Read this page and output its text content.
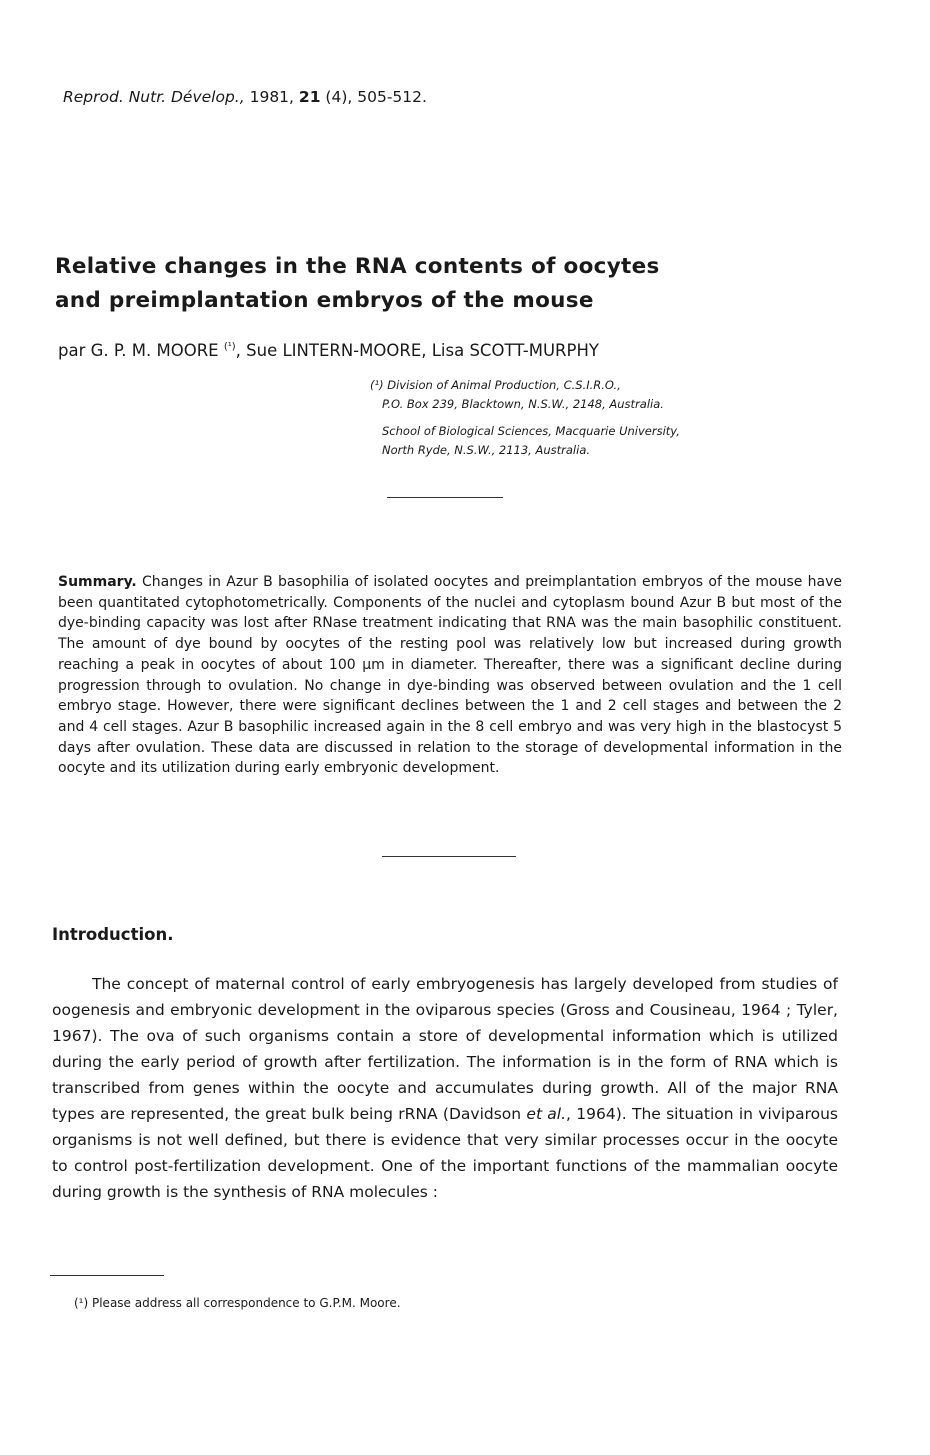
Reprod. Nutr. Dévelop., 1981, 21 (4), 505-512.
Relative changes in the RNA contents of oocytes
and preimplantation embryos of the mouse
par G. P. M. MOORE $^{(^1)}$, Sue LINTERN-MOORE, Lisa SCOTT-MURPHY

(¹) Division of Animal Production, C.S.I.R.O.,

P.O. Box 239, Blacktown, N.S.W., 2148, Australia.

School of Biological Sciences, Macquarie University,

North Ryde, N.S.W., 2113, Australia.

Summary. Changes in Azur B basophilia of isolated oocytes and preimplantation embryos of the mouse have been quantitated cytophotometrically. Components of the nuclei and cytoplasm bound Azur B but most of the dye-binding capacity was lost after RNase treatment indicating that RNA was the main basophilic constituent. The amount of dye bound by oocytes of the resting pool was relatively low but increased during growth reaching a peak in oocytes of about 100 μm in diameter. Thereafter, there was a significant decline during progression through to ovulation. No change in dye-binding was observed between ovulation and the 1 cell embryo stage. However, there were significant declines between the 1 and 2 cell stages and between the 2 and 4 cell stages. Azur B basophilic increased again in the 8 cell embryo and was very high in the blastocyst 5 days after ovulation. These data are discussed in relation to the storage of developmental information in the oocyte and its utilization during early embryonic development.

Introduction.

The concept of maternal control of early embryogenesis has largely developed from studies of oogenesis and embryonic development in the oviparous species (Gross and Cousineau, 1964 ; Tyler, 1967). The ova of such organisms contain a store of developmental information which is utilized during the early period of growth after fertilization. The information is in the form of RNA which is transcribed from genes within the oocyte and accumulates during growth. All of the major RNA types are represented, the great bulk being rRNA (Davidson et al., 1964). The situation in viviparous organisms is not well defined, but there is evidence that very similar processes occur in the oocyte to control post-fertilization development. One of the important functions of the mammalian oocyte during growth is the synthesis of RNA molecules :

(¹) Please address all correspondence to G.P.M. Moore.
